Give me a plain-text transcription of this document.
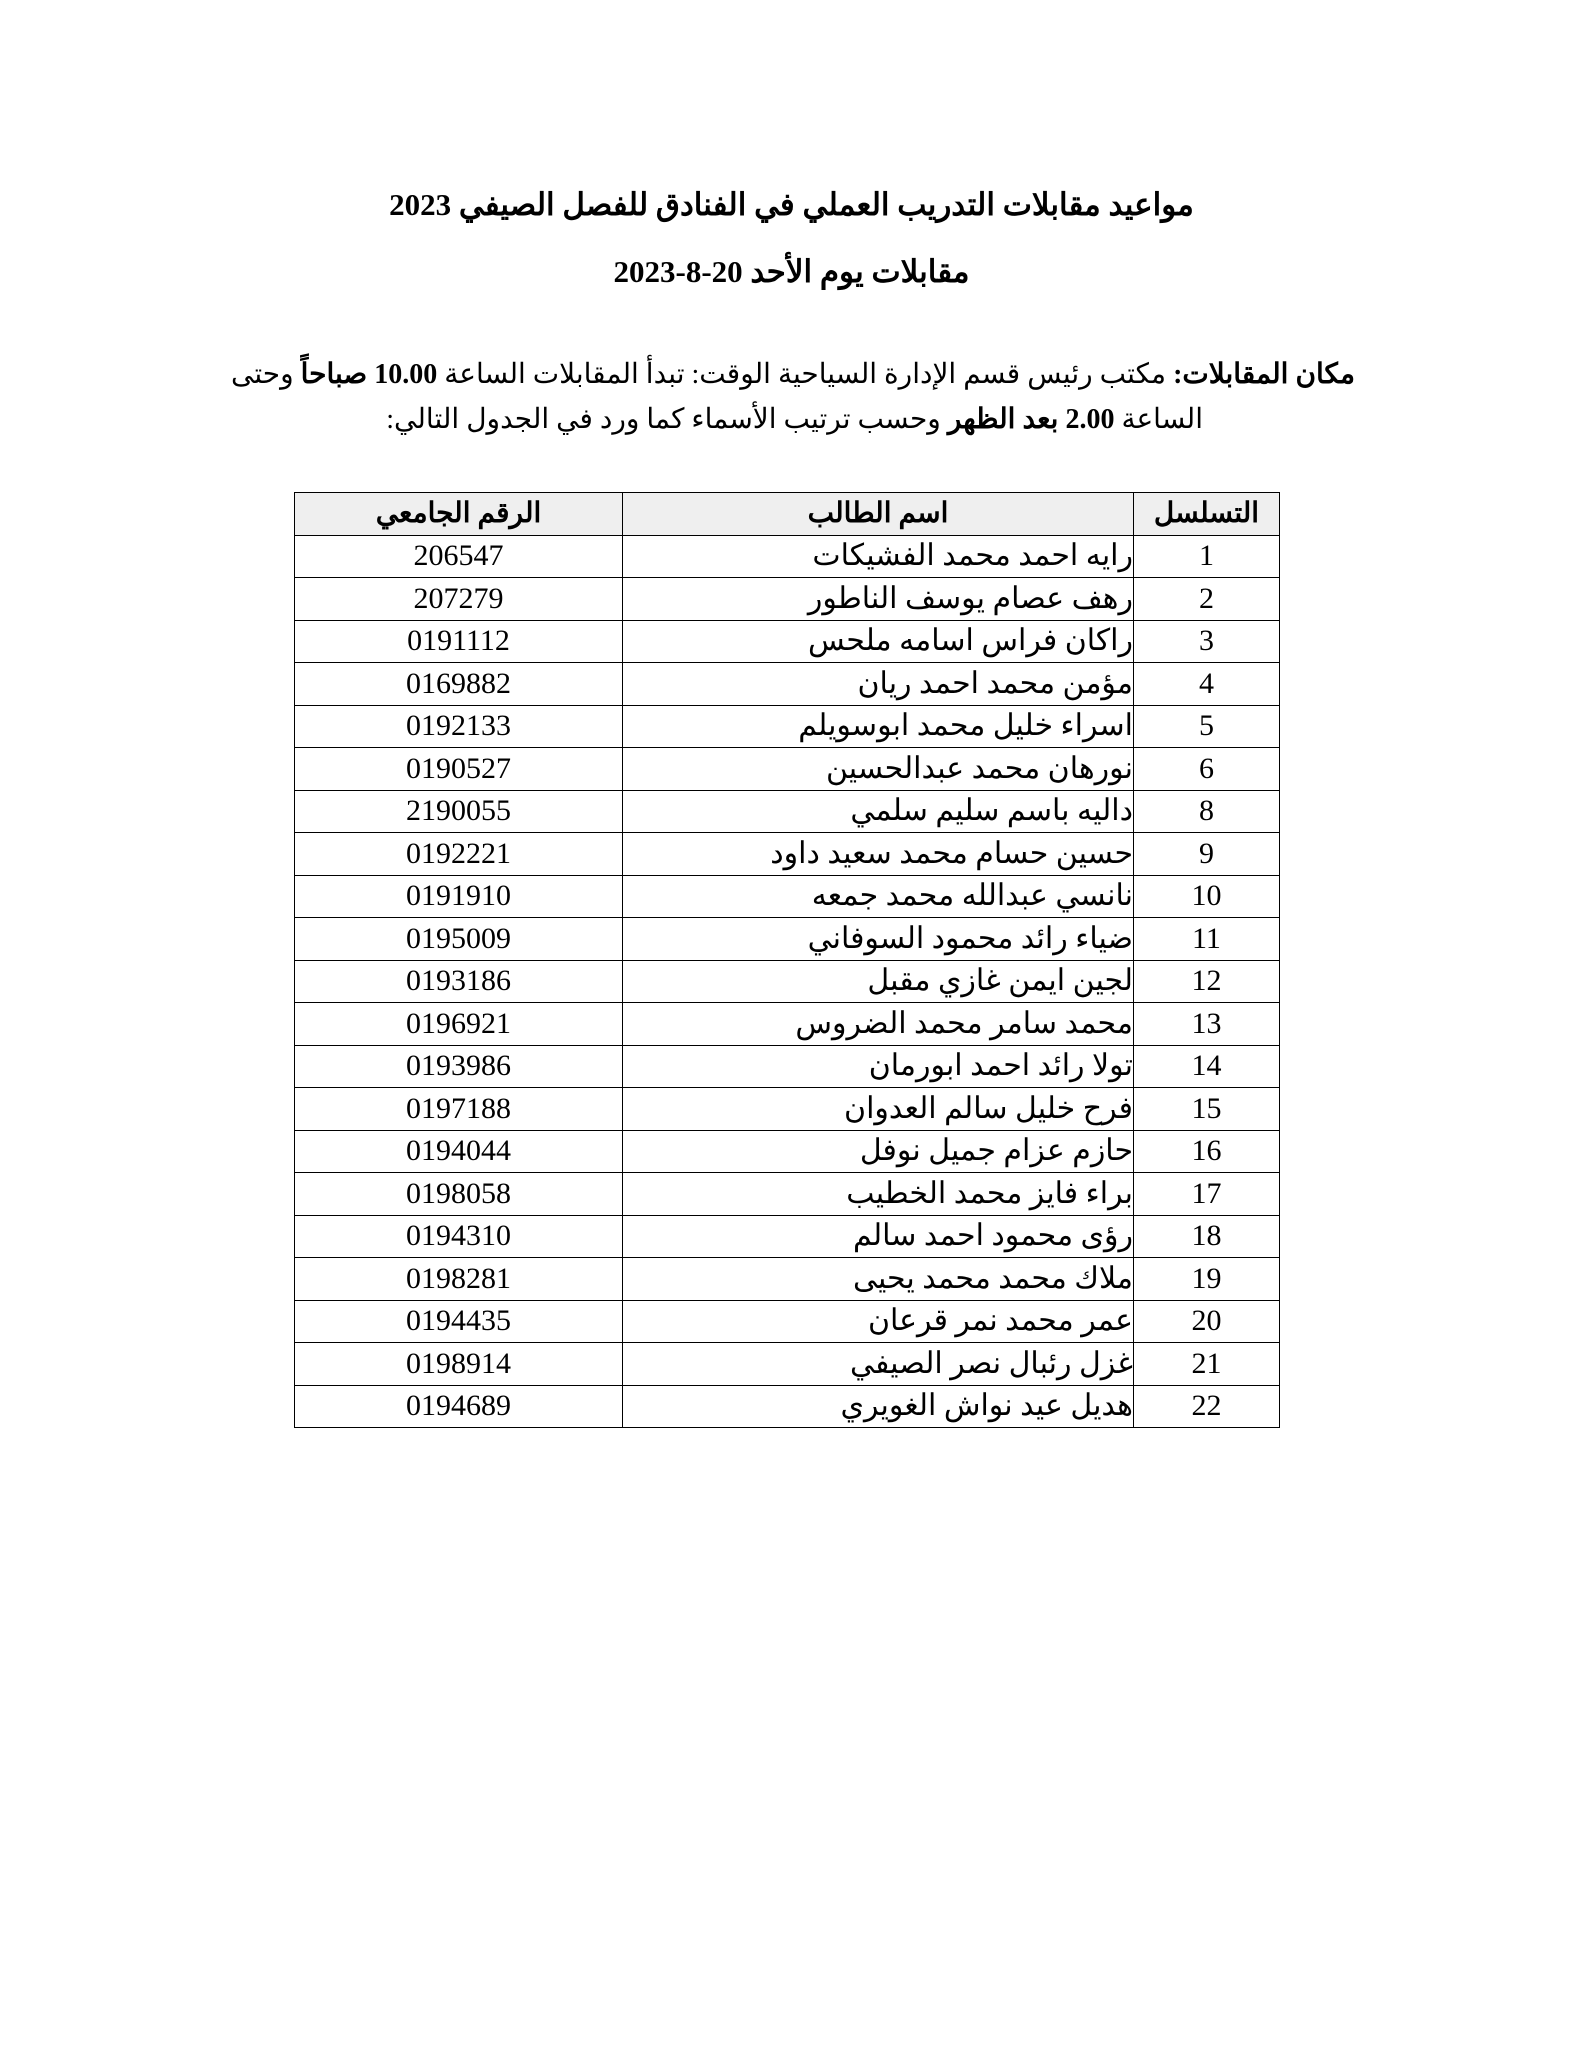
مواعيد مقابلات التدريب العملي في الفنادق للفصل الصيفي 2023
مقابلات يوم الأحد 20-8-2023
مكان المقابلات: مكتب رئيس قسم الإدارة السياحية الوقت: تبدأ المقابلات الساعة 10.00 صباحاً وحتى
الساعة 2.00 بعد الظهر وحسب ترتيب الأسماء كما ورد في الجدول التالي:
التسلسل	اسم الطالب	الرقم الجامعي
1	رايه احمد محمد الفشيكات	206547
2	رهف عصام يوسف الناطور	207279
3	راكان فراس اسامه ملحس	0191112
4	مؤمن محمد احمد ريان	0169882
5	اسراء خليل محمد ابوسويلم	0192133
6	نورهان محمد عبدالحسين	0190527
8	داليه باسم سليم سلمي	2190055
9	حسين حسام محمد سعيد داود	0192221
10	نانسي عبدالله محمد جمعه	0191910
11	ضياء رائد محمود السوفاني	0195009
12	لجين ايمن غازي مقبل	0193186
13	محمد سامر محمد الضروس	0196921
14	تولا رائد احمد ابورمان	0193986
15	فرح خليل سالم العدوان	0197188
16	حازم عزام جميل نوفل	0194044
17	براء فايز محمد الخطيب	0198058
18	رؤى محمود احمد سالم	0194310
19	ملاك محمد محمد يحيى	0198281
20	عمر محمد نمر قرعان	0194435
21	غزل رئبال نصر الصيفي	0198914
22	هديل عيد نواش الغويري	0194689
